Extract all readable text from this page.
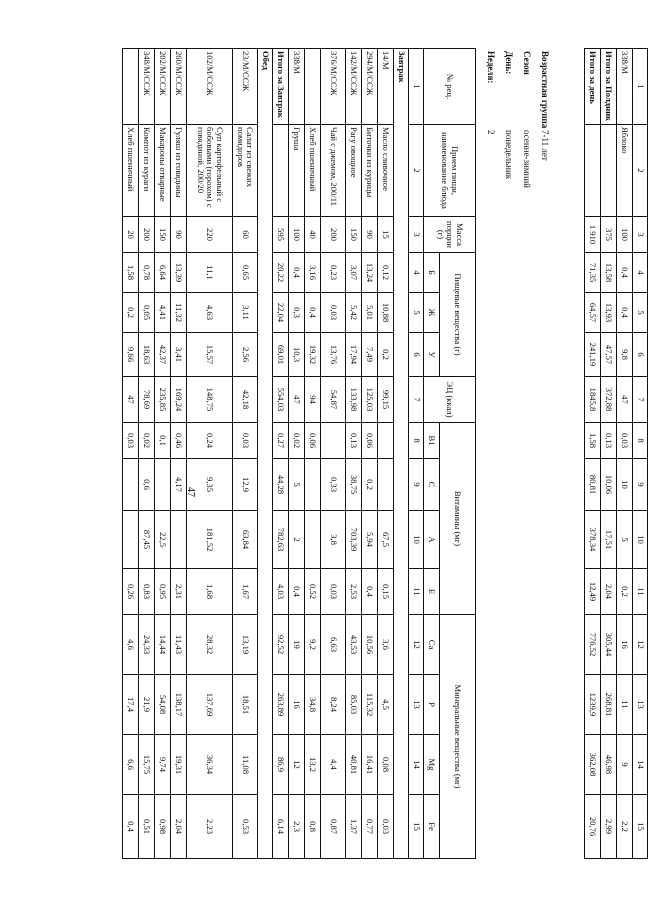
1	2	3	4	5	6	7	8	9	10	11	12	13	14	15
338/М	Яблоко	100	0,4	0,4	9,8	47	0,03	10	5	0,2	16	11	9	2,2
Итого за Полдник		375	13,58	13,93	47,57	372,88	0,13	10,06	17,51	2,04	305,44	268,81	46,98	2,99
Итого за день		1 910	71,35	64,57	241,19	1845,8	1,58	80,81	378,34	12,49	776,52	1239,9	362,08	20,76
Возрастная группа
7-11 лет
Сезон
осенне-зимний
День:
понедельник
Неделя:
2
№ рец.	Прием пищи, наименование блюда	Масса порции (г)	Пищевые вещества (г)			ЭЦ (ккал)	Витамины (мг)				Минеральные вещества (мг)			
			Б	Ж	У		В1	С	А	Е	Ca	P	Mg	Fe
1	2	3	4	5	6	7	8	9	10	11	12	13	14	15
Завтрак														
14/М	Масло сливочное	15	0,12	10,88	0,2	99,15			67,5	0,15	3,6	4,5	0,08	0,03
294/М/ССЖ	Биточки из курицы	90	13,24	5,01	7,49	125,03	0,06	0,2	5,94	0,4	10,56	115,32	16,41	0,77
142/М/ССЖ	Рагу овощное	150	3,07	5,42	17,94	133,98	0,13	38,75	703,39	2,53	43,53	85,03	40,81	1,37
376/М/ССЖ	Чай с джемом, 200/11	200	0,23	0,03	13,76	54,87		0,33	3,8	0,03	6,63	8,24	4,4	0,87
	Хлеб пшеничный	40	3,16	0,4	19,32	94	0,06			0,52	9,2	34,8	13,2	0,8
338/М	Груша	100	0,4	0,3	10,3	47	0,02	5	2	0,4	19	16	12	2,3
Итого за Завтрак		595	20,22	22,04	69,01	554,03	0,27	44,28	782,63	4,03	92,52	263,89	86,9	6,14
Обед														
23/М/ССЖ	Салат из свежих помидоров	60	0,65	3,11	2,56	42,18	0,03	12,9	63,84	1,67	13,19	18,51	11,08	0,53
102/М/ССЖ	Суп картофельный с бобовыми (горохом) с говядиной, 200/20	220	11,1	4,63	15,57	148,75	0,24	9,35	181,52	1,68	28,32	137,69	36,34	2,23
260/М/ССЖ	Гуляш из говядины	90	13,39	11,32	3,41	169,24	0,46	4,17		2,31	11,43	138,17	19,31	2,04
202/М/ССЖ	Макароны отварные	150	6,64	4,41	42,37	235,85	0,1		22,5	0,95	14,44	54,08	9,74	0,98
348/М/ССЖ	Компот из кураги	200	0,78	0,05	18,63	78,69	0,02	0,6	87,45	0,83	24,33	21,9	15,75	0,51
	Хлеб пшеничный	20	1,58	0,2	9,66	47	0,03			0,26	4,6	17,4	6,6	0,4
47
